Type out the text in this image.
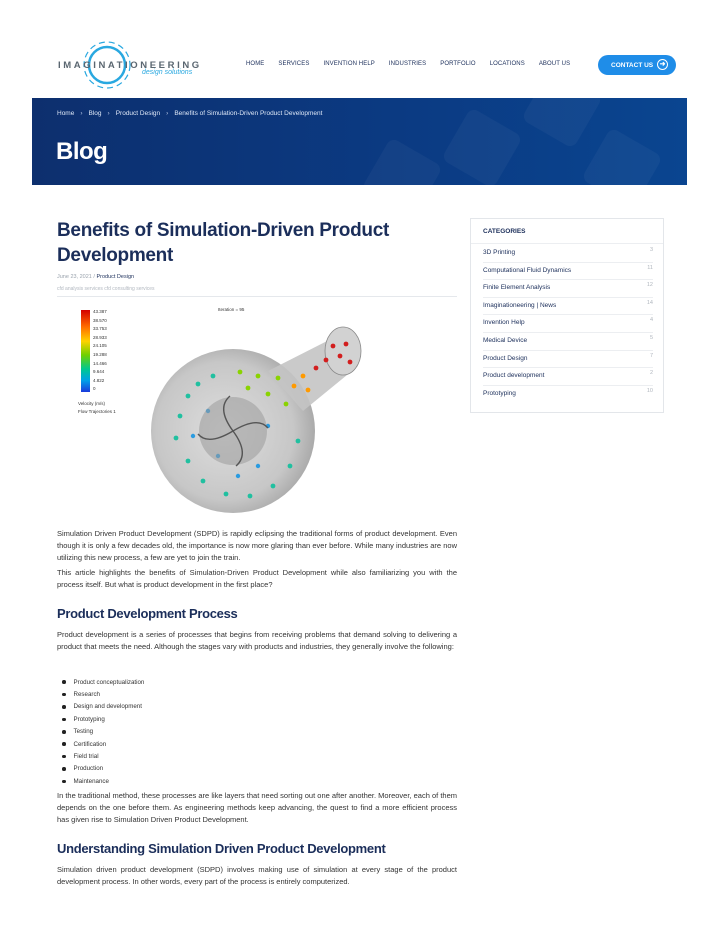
IMAGINATIONEERING
design solutions
HOME SERVICES INVENTION HELP INDUSTRIES PORTFOLIO LOCATIONS ABOUT US	CONTACT US ➜
Home › Blog › Product Design › Benefits of Simulation-Driven Product Development
Blog
Benefits of Simulation-Driven Product Development
June 23, 2021 / Product Design
cfd analysis services cfd consulting services
43.387
38.570
33.753
28.933
24.105
19.288
14.466
9.644
4.822
0
Velocity (m/s)
Flow Trajectories 1
Iteration = 95

Simulation Driven Product Development (SDPD) is rapidly eclipsing the traditional forms of product development. Even though it is only a few decades old, the importance is now more glaring than ever before. While many industries are now utilizing this new process, a few are yet to join the train.

This article highlights the benefits of Simulation-Driven Product Development while also familiarizing you with the process itself. But what is product development in the first place?

Product Development Process

Product development is a series of processes that begins from receiving problems that demand solving to delivering a product that meets the need. Although the stages vary with products and industries, they generally involve the following:

Product conceptualization
Research
Design and development
Prototyping
Testing
Certification
Field trial
Production
Maintenance

In the traditional method, these processes are like layers that need sorting out one after another. Moreover, each of them depends on the one before them. As engineering methods keep advancing, the quest to find a more efficient process has given rise to Simulation Driven Product Development.

Understanding Simulation Driven Product Development

Simulation driven product development (SDPD) involves making use of simulation at every stage of the product development process. In other words, every part of the process is entirely computerized.

CATEGORIES
3D Printing	3
Computational Fluid Dynamics	11
Finite Element Analysis	12
Imaginationeering | News	14
Invention Help	4
Medical Device	5
Product Design	7
Product development	2
Prototyping	10
